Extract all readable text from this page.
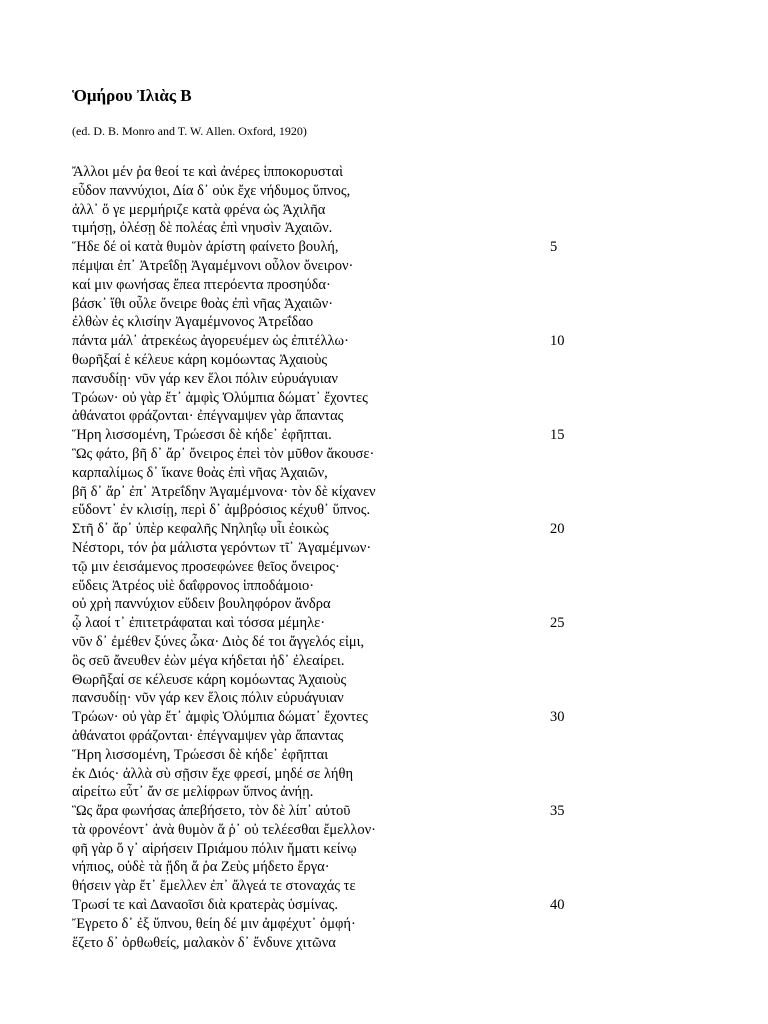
Ὁμήρου Ἰλιὰς B

(ed. D. B. Monro and T. W. Allen. Oxford, 1920)

Ἄλλοι μέν ῥα θεοί τε καὶ ἀνέρες ἱπποκορυσταὶ
εὗδον παννύχιοι, Δία δ᾽ οὐκ ἔχε νήδυμος ὕπνος,
ἀλλ᾽ ὅ γε μερμήριζε κατὰ φρένα ὡς Ἀχιλῆα
τιμήσῃ, ὀλέσῃ δὲ πολέας ἐπὶ νηυσὶν Ἀχαιῶν.
Ἥδε δέ οἱ κατὰ θυμὸν ἀρίστη φαίνετο βουλή,	5
πέμψαι ἐπ᾽ Ἀτρεΐδῃ Ἀγαμέμνονι οὖλον ὄνειρον·
καί μιν φωνήσας ἔπεα πτερόεντα προσηύδα·
βάσκ᾽ ἴθι οὖλε ὄνειρε θοὰς ἐπὶ νῆας Ἀχαιῶν·
ἐλθὼν ἐς κλισίην Ἀγαμέμνονος Ἀτρεΐδαο
πάντα μάλ᾽ ἀτρεκέως ἀγορευέμεν ὡς ἐπιτέλλω·	10
θωρῆξαί ἑ κέλευε κάρη κομόωντας Ἀχαιοὺς
πανσυδίῃ· νῦν γάρ κεν ἕλοι πόλιν εὐρυάγυιαν
Τρώων· οὐ γὰρ ἔτ᾽ ἀμφὶς Ὀλύμπια δώματ᾽ ἔχοντες
ἀθάνατοι φράζονται· ἐπέγναμψεν γὰρ ἅπαντας
Ἥρη λισσομένη, Τρώεσσι δὲ κήδε᾽ ἐφῆπται.	15
Ὣς φάτο, βῆ δ᾽ ἄρ᾽ ὄνειρος ἐπεὶ τὸν μῦθον ἄκουσε·
καρπαλίμως δ᾽ ἵκανε θοὰς ἐπὶ νῆας Ἀχαιῶν,
βῆ δ᾽ ἄρ᾽ ἐπ᾽ Ἀτρεΐδην Ἀγαμέμνονα· τὸν δὲ κίχανεν
εὕδοντ᾽ ἐν κλισίῃ, περὶ δ᾽ ἀμβρόσιος κέχυθ᾽ ὕπνος.
Στῆ δ᾽ ἄρ᾽ ὑπὲρ κεφαλῆς Νηληΐῳ υἷι ἐοικὼς	20
Νέστορι, τόν ῥα μάλιστα γερόντων τῖ᾽ Ἀγαμέμνων·
τῷ μιν ἐεισάμενος προσεφώνεε θεῖος ὄνειρος·
εὕδεις Ἀτρέος υἱὲ δαΐφρονος ἱπποδάμοιο·
οὐ χρὴ παννύχιον εὕδειν βουληφόρον ἄνδρα
ᾧ λαοί τ᾽ ἐπιτετράφαται καὶ τόσσα μέμηλε·	25
νῦν δ᾽ ἐμέθεν ξύνες ὦκα· Διὸς δέ τοι ἄγγελός εἰμι,
ὃς σεῦ ἄνευθεν ἐὼν μέγα κήδεται ἠδ᾽ ἐλεαίρει.
Θωρῆξαί σε κέλευσε κάρη κομόωντας Ἀχαιοὺς
πανσυδίῃ· νῦν γάρ κεν ἕλοις πόλιν εὐρυάγυιαν
Τρώων· οὐ γὰρ ἔτ᾽ ἀμφὶς Ὀλύμπια δώματ᾽ ἔχοντες	30
ἀθάνατοι φράζονται· ἐπέγναμψεν γὰρ ἅπαντας
Ἥρη λισσομένη, Τρώεσσι δὲ κήδε᾽ ἐφῆπται
ἐκ Διός· ἀλλὰ σὺ σῇσιν ἔχε φρεσί, μηδέ σε λήθη
αἱρείτω εὖτ᾽ ἄν σε μελίφρων ὕπνος ἀνήῃ.
Ὣς ἄρα φωνήσας ἀπεβήσετο, τὸν δὲ λίπ᾽ αὐτοῦ	35
τὰ φρονέοντ᾽ ἀνὰ θυμὸν ἅ ῥ᾽ οὐ τελέεσθαι ἔμελλον·
φῆ γὰρ ὅ γ᾽ αἱρήσειν Πριάμου πόλιν ἤματι κείνῳ
νήπιος, οὐδὲ τὰ ᾔδη ἅ ῥα Ζεὺς μήδετο ἔργα·
θήσειν γὰρ ἔτ᾽ ἔμελλεν ἐπ᾽ ἄλγεά τε στοναχάς τε
Τρωσί τε καὶ Δαναοῖσι διὰ κρατερὰς ὑσμίνας.	40
Ἔγρετο δ᾽ ἐξ ὕπνου, θείη δέ μιν ἀμφέχυτ᾽ ὀμφή·
ἕζετο δ᾽ ὀρθωθείς, μαλακὸν δ᾽ ἔνδυνε χιτῶνα
